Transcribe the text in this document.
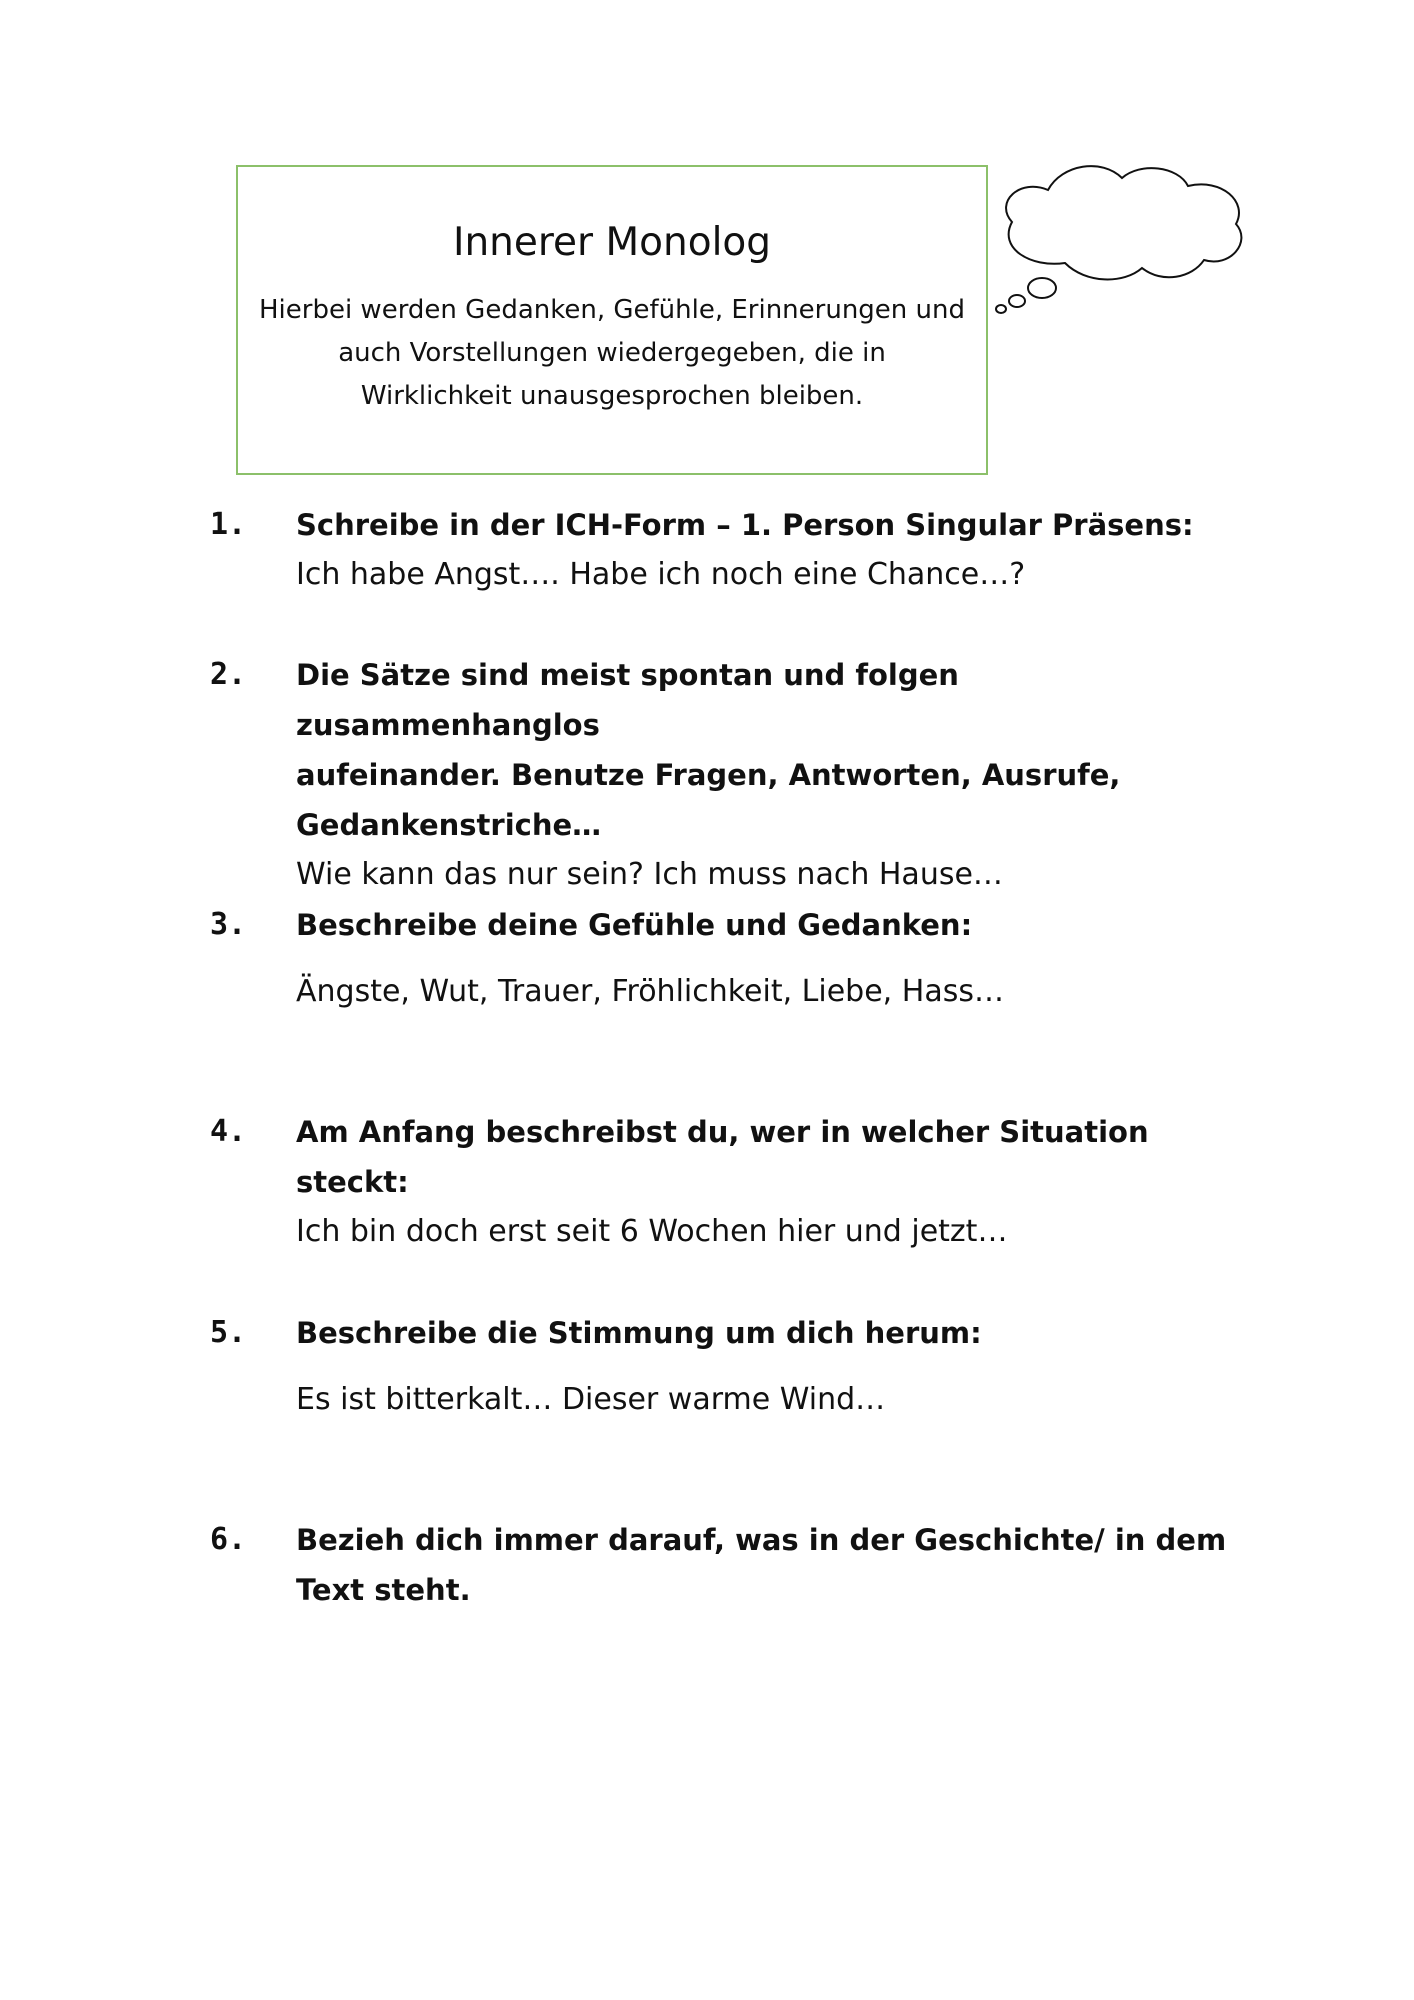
Innerer Monolog
Hierbei werden Gedanken, Gefühle, Erinnerungen und
auch Vorstellungen wiedergegeben, die in
Wirklichkeit unausgesprochen bleiben.
1. Schreibe in der ICH-Form – 1. Person Singular Präsens:
Ich habe Angst…. Habe ich noch eine Chance…?
2. Die Sätze sind meist spontan und folgen zusammenhanglos
aufeinander. Benutze Fragen, Antworten, Ausrufe,
Gedankenstriche…
Wie kann das nur sein? Ich muss nach Hause…
3. Beschreibe deine Gefühle und Gedanken:
Ängste, Wut, Trauer, Fröhlichkeit, Liebe, Hass…
4. Am Anfang beschreibst du, wer in welcher Situation
steckt:
Ich bin doch erst seit 6 Wochen hier und jetzt…
5. Beschreibe die Stimmung um dich herum:
Es ist bitterkalt… Dieser warme Wind…
6. Bezieh dich immer darauf, was in der Geschichte/ in dem
Text steht.
